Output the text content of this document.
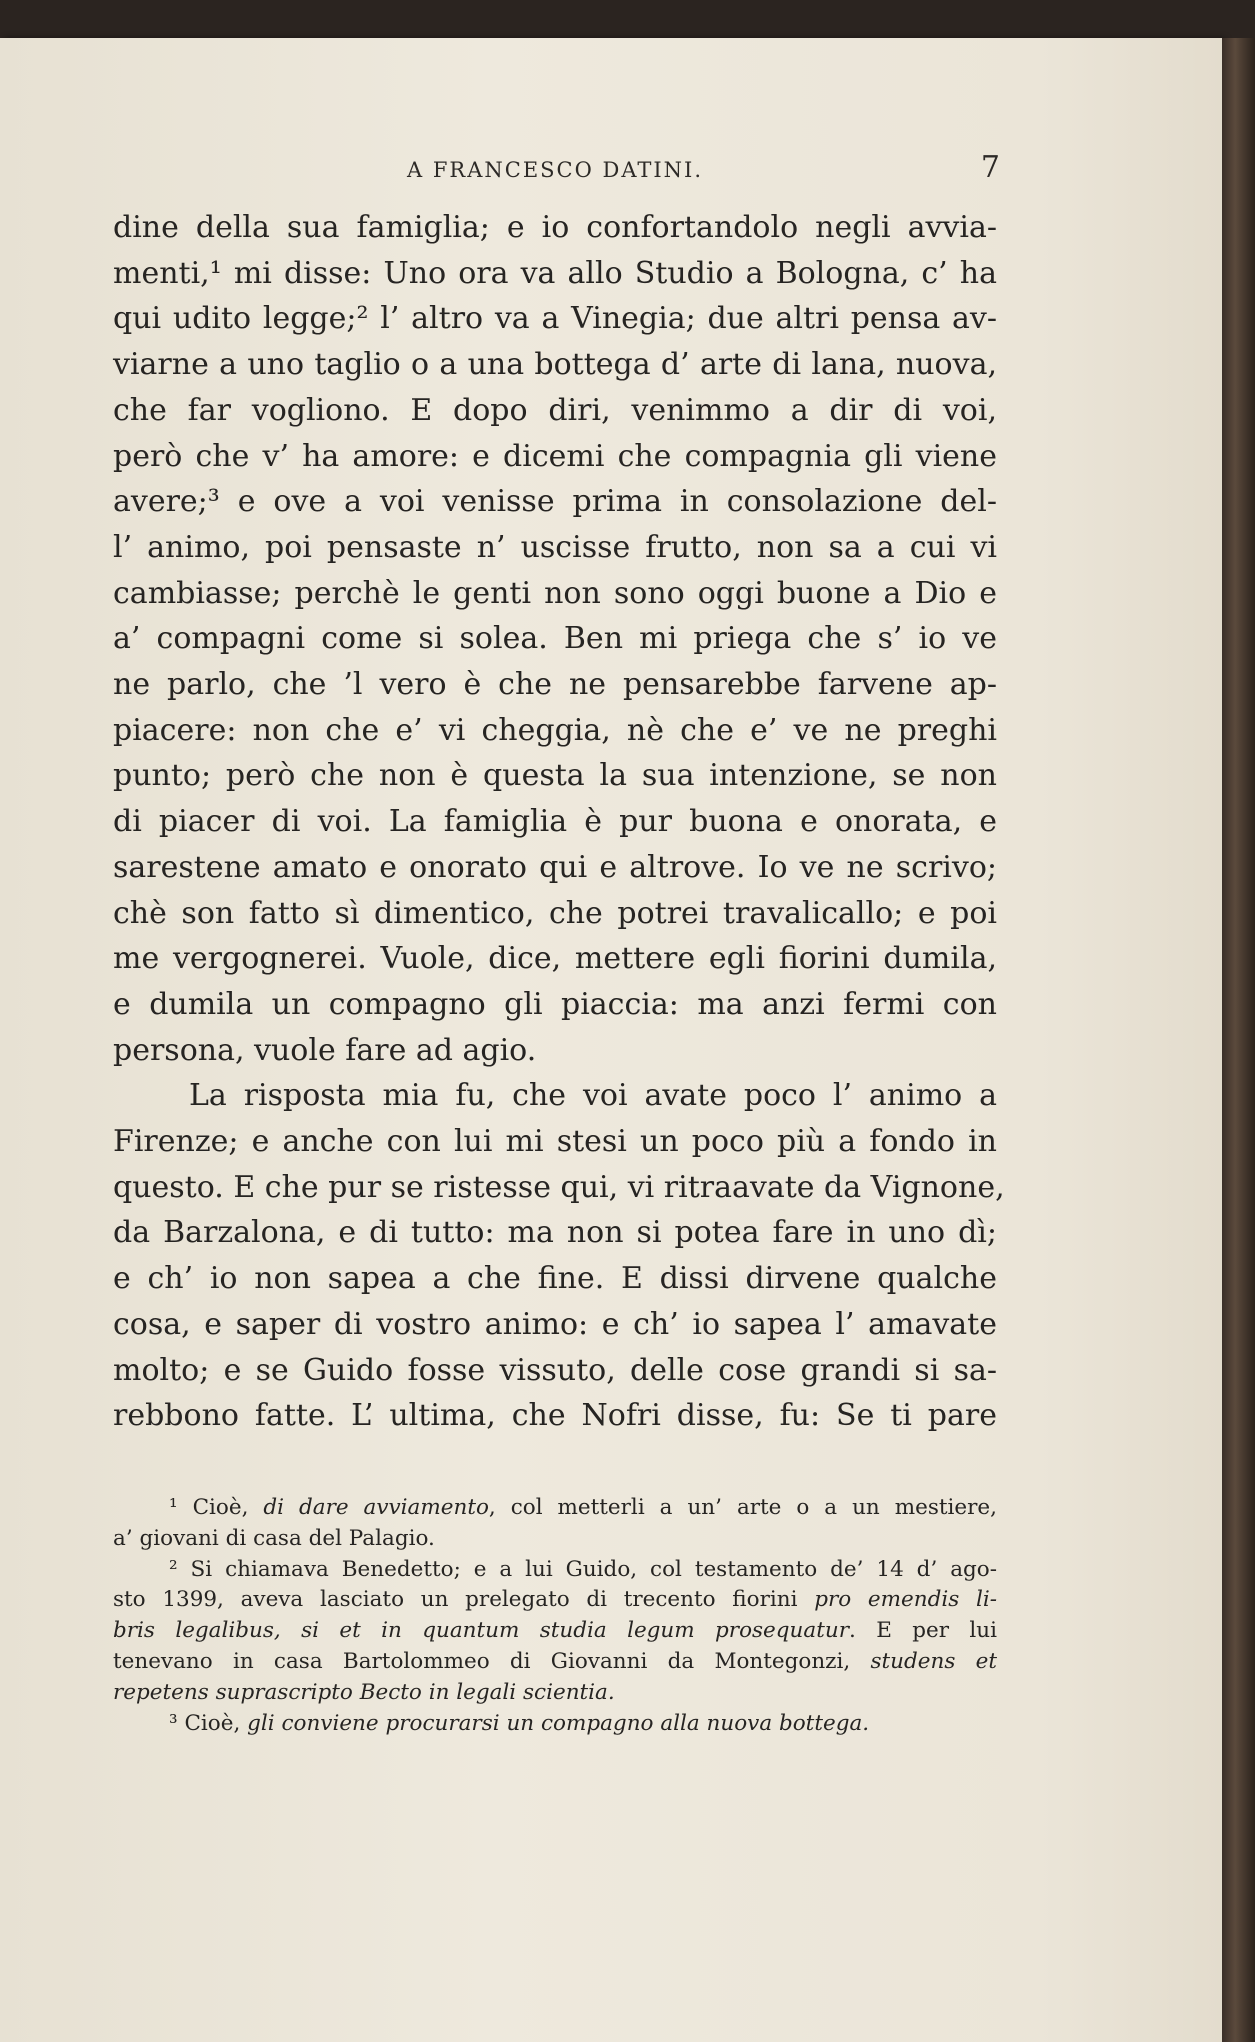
A FRANCESCO DATINI.	7
dine della sua famiglia; e io confortandolo negli avvia-
menti,¹ mi disse: Uno ora va allo Studio a Bologna, c’ ha
qui udito legge;² l’ altro va a Vinegia; due altri pensa av-
viarne a uno taglio o a una bottega d’ arte di lana, nuova,
che far vogliono. E dopo diri, venimmo a dir di voi,
però che v’ ha amore: e dicemi che compagnia gli viene
avere;³ e ove a voi venisse prima in consolazione del-
l’ animo, poi pensaste n’ uscisse frutto, non sa a cui vi
cambiasse; perchè le genti non sono oggi buone a Dio e
a’ compagni come si solea. Ben mi priega che s’ io ve
ne parlo, che ’l vero è che ne pensarebbe farvene ap-
piacere: non che e’ vi cheggia, nè che e’ ve ne preghi
punto; però che non è questa la sua intenzione, se non
di piacer di voi. La famiglia è pur buona e onorata, e
sarestene amato e onorato qui e altrove. Io ve ne scrivo;
chè son fatto sì dimentico, che potrei travalicallo; e poi
me vergognerei. Vuole, dice, mettere egli fiorini dumila,
e dumila un compagno gli piaccia: ma anzi fermi con
persona, vuole fare ad agio.
La risposta mia fu, che voi avate poco l’ animo a
Firenze; e anche con lui mi stesi un poco più a fondo in
questo. E che pur se ristesse qui, vi ritraavate da Vignone,
da Barzalona, e di tutto: ma non si potea fare in uno dì;
e ch’ io non sapea a che fine. E dissi dirvene qualche
cosa, e saper di vostro animo: e ch’ io sapea l’ amavate
molto; e se Guido fosse vissuto, delle cose grandi si sa-
rebbono fatte. L’ ultima, che Nofri disse, fu: Se ti pare
¹ Cioè, di dare avviamento, col metterli a un’ arte o a un mestiere,
a’ giovani di casa del Palagio.
² Si chiamava Benedetto; e a lui Guido, col testamento de’ 14 d’ ago-
sto 1399, aveva lasciato un prelegato di trecento fiorini pro emendis li-
bris legalibus, si et in quantum studia legum prosequatur. E per lui
tenevano in casa Bartolommeo di Giovanni da Montegonzi, studens et
repetens suprascripto Becto in legali scientia.
³ Cioè, gli conviene procurarsi un compagno alla nuova bottega.
